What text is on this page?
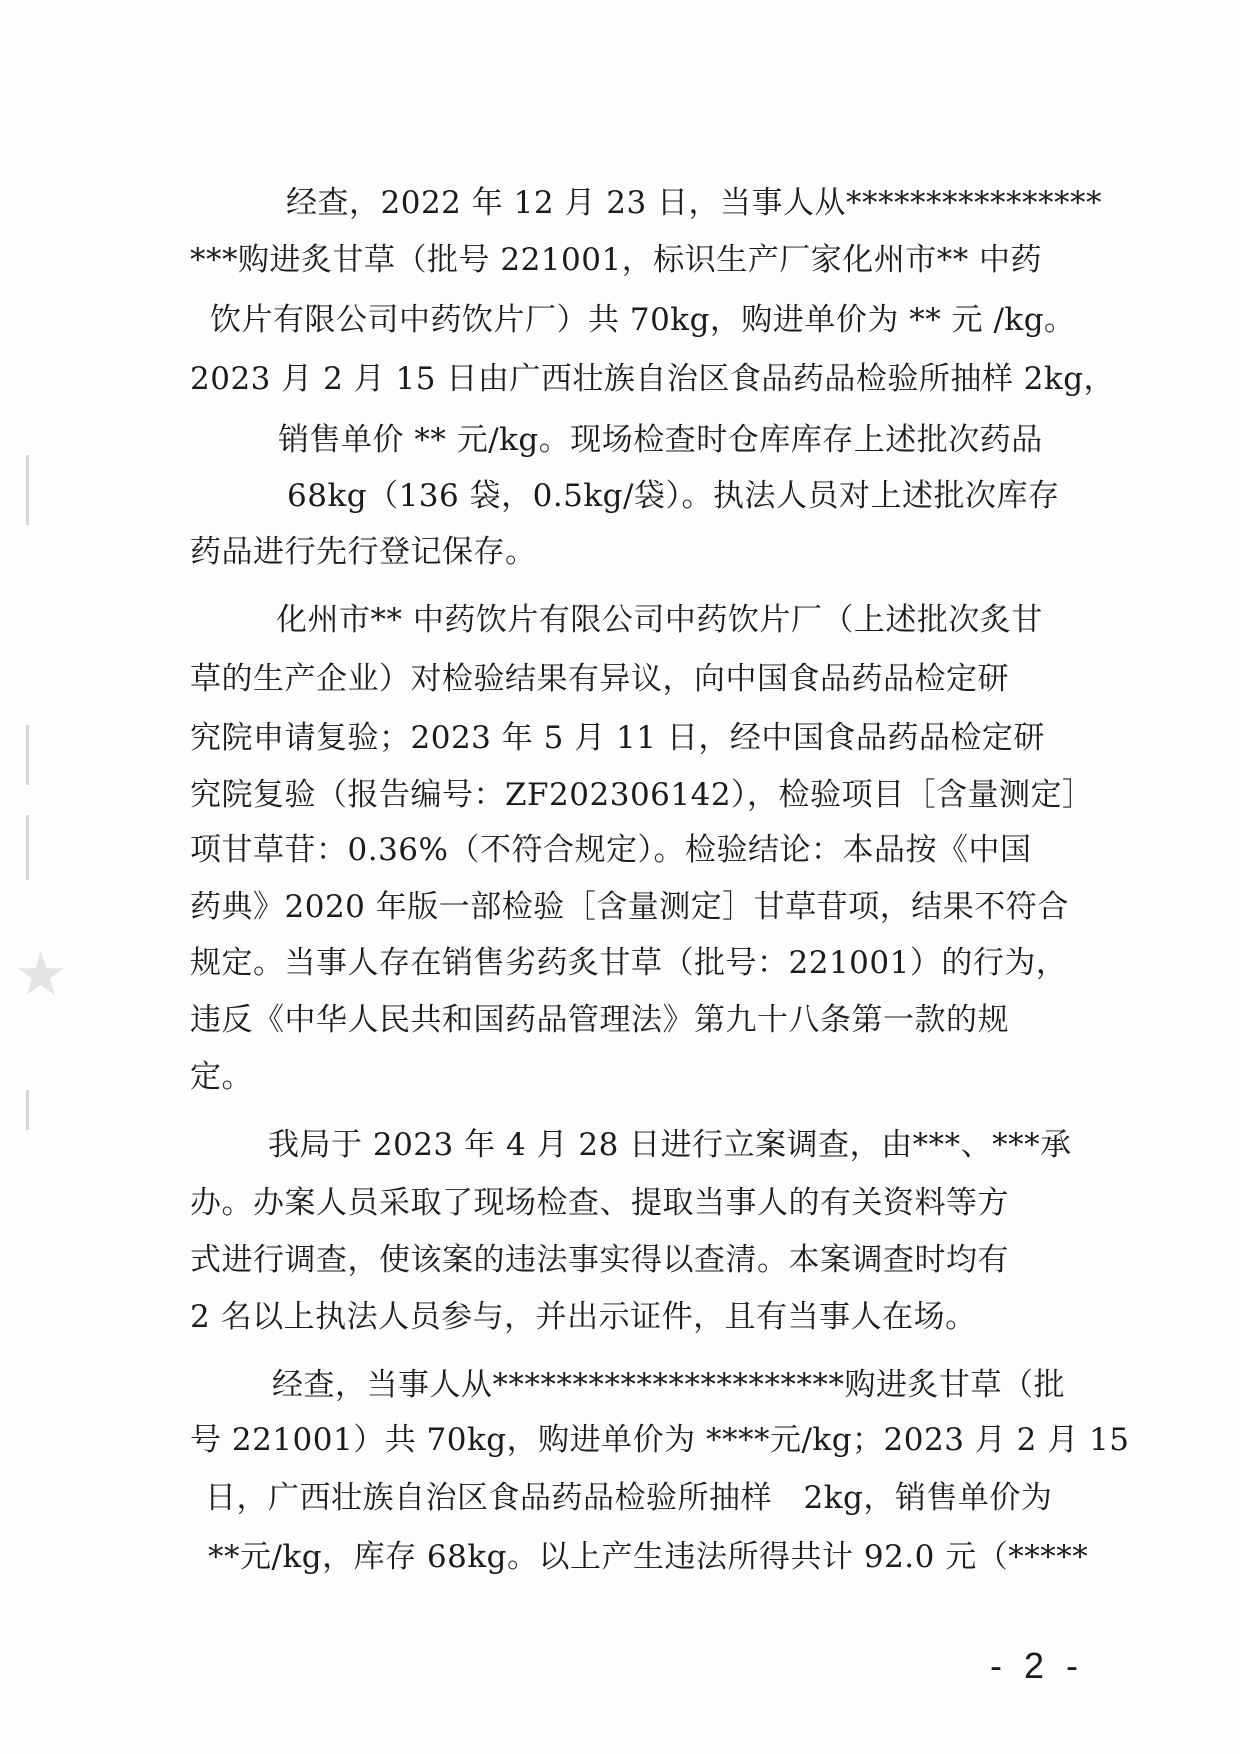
★
经查，2022 年 12 月 23 日，当事人从****************
***购进炙甘草（批号 221001，标识生产厂家化州市** 中药
饮片有限公司中药饮片厂）共 70kg，购进单价为 ** 元 /kg。
2023 月 2 月 15 日由广西壮族自治区食品药品检验所抽样 2kg，
销售单价 ** 元/kg。现场检查时仓库库存上述批次药品
68kg（136 袋，0.5kg/袋）。执法人员对上述批次库存
药品进行先行登记保存。
化州市** 中药饮片有限公司中药饮片厂（上述批次炙甘
草的生产企业）对检验结果有异议，向中国食品药品检定研
究院申请复验；2023 年 5 月 11 日，经中国食品药品检定研
究院复验（报告编号：ZF202306142），检验项目［含量测定］
项甘草苷：0.36%（不符合规定）。检验结论：本品按《中国
药典》2020 年版一部检验［含量测定］甘草苷项，结果不符合
规定。当事人存在销售劣药炙甘草（批号：221001）的行为，
违反《中华人民共和国药品管理法》第九十八条第一款的规
定。
我局于 2023 年 4 月 28 日进行立案调查，由***、***承
办。办案人员采取了现场检查、提取当事人的有关资料等方
式进行调查，使该案的违法事实得以查清。本案调查时均有
2 名以上执法人员参与，并出示证件，且有当事人在场。
经查，当事人从**********************购进炙甘草（批
号 221001）共 70kg，购进单价为 ****元/kg；2023 月 2 月 15
日，广西壮族自治区食品药品检验所抽样　2kg，销售单价为
**元/kg，库存 68kg。以上产生违法所得共计 92.0 元（*****
- 2 -
